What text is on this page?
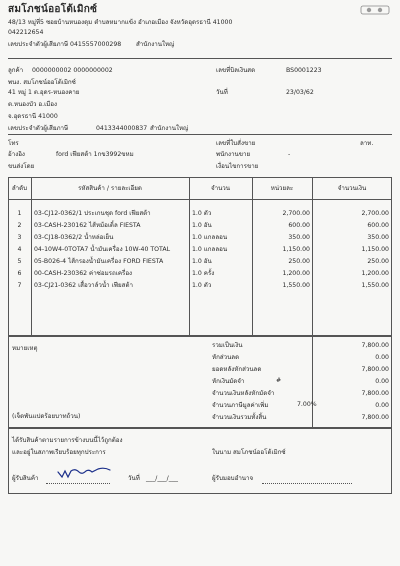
สมโภชน์ออโต้เมิกซ์
48/13 หมู่ที่5 ซอยบ้านหนองดุม ตำบลหมากแข้ง อำเภอเมือง จังหวัดอุดรธานี 41000
042212654
เลขประจำตัวผู้เสียภาษี 0415557000298 สำนักงานใหญ่
ลูกค้า 0000000002 0000000002	เลขที่บิลเงินสด	BS0001223
พนง. สมโภชน์ออโต้เมิกซ์
41 หมู่ 1 ต.อุดร-หนองคาย	วันที่	23/03/62
ต.หนองบัว อ.เมือง
จ.อุดรธานี 41000
เลขประจำตัวผู้เสียภาษี	0413344000837 สำนักงานใหญ่
โทร	เลขที่ใบสั่งขาย	ลาท.
อ้างอิง	ford เฟียสต้า 1กข3992ขหม	พนักงานขาย	-
ขนส่งโดย	เงื่อนไขการขาย
ลำดับ	รหัสสินค้า / รายละเอียด	จำนวน	หน่วยละ	จำนวนเงิน
1	03-CJ12-0362/1 ประเกนชุด ford เฟียสต้า	1.0 ตัว	2,700.00	2,700.00
2	03-CASH-230162 ไส้หม้อเดิ้ล FIESTA	1.0 อัน	600.00	600.00
3	03-CJ18-0362/2 น้ำหล่อเย็น	1.0 แกลลอน	350.00	350.00
4	04-10W4-0TOTA7 น้ำมันเครื่อง 10W-40 TOTAL	1.0 แกลลอน	1,150.00	1,150.00
5	05-B026-4 ไส้กรองน้ำมันเครื่อง FORD FIESTA	1.0 อัน	250.00	250.00
6	00-CASH-230362 ค่าซ่อมรถเครื่อง	1.0 ครั้ง	1,200.00	1,200.00
7	03-CJ21-0362 เสื้อวาล์วน้ำ เฟียสต้า	1.0 ตัว	1,550.00	1,550.00
หมายเหตุ	รวมเป็นเงิน	7,800.00
หักส่วนลด	0.00
ยอดหลังหักส่วนลด	7,800.00
หักเงินมัดจำ	0.00
จำนวนเงินหลังหักมัดจำ	7,800.00
จำนวนภาษีมูลค่าเพิ่ม	0.00
จำนวนเงินรวมทั้งสิ้น	7,800.00
#
7.00%
(เจ็ดพันแปดร้อยบาทถ้วน)
ได้รับสินค้าตามรายการข้างบนนี้ไว้ถูกต้อง
และอยู่ในสภาพเรียบร้อยทุกประการ	ในนาม สมโภชน์ออโต้เมิกซ์
ผู้รับสินค้า	วันที่ ___/___/___	ผู้รับมอบอำนาจ
